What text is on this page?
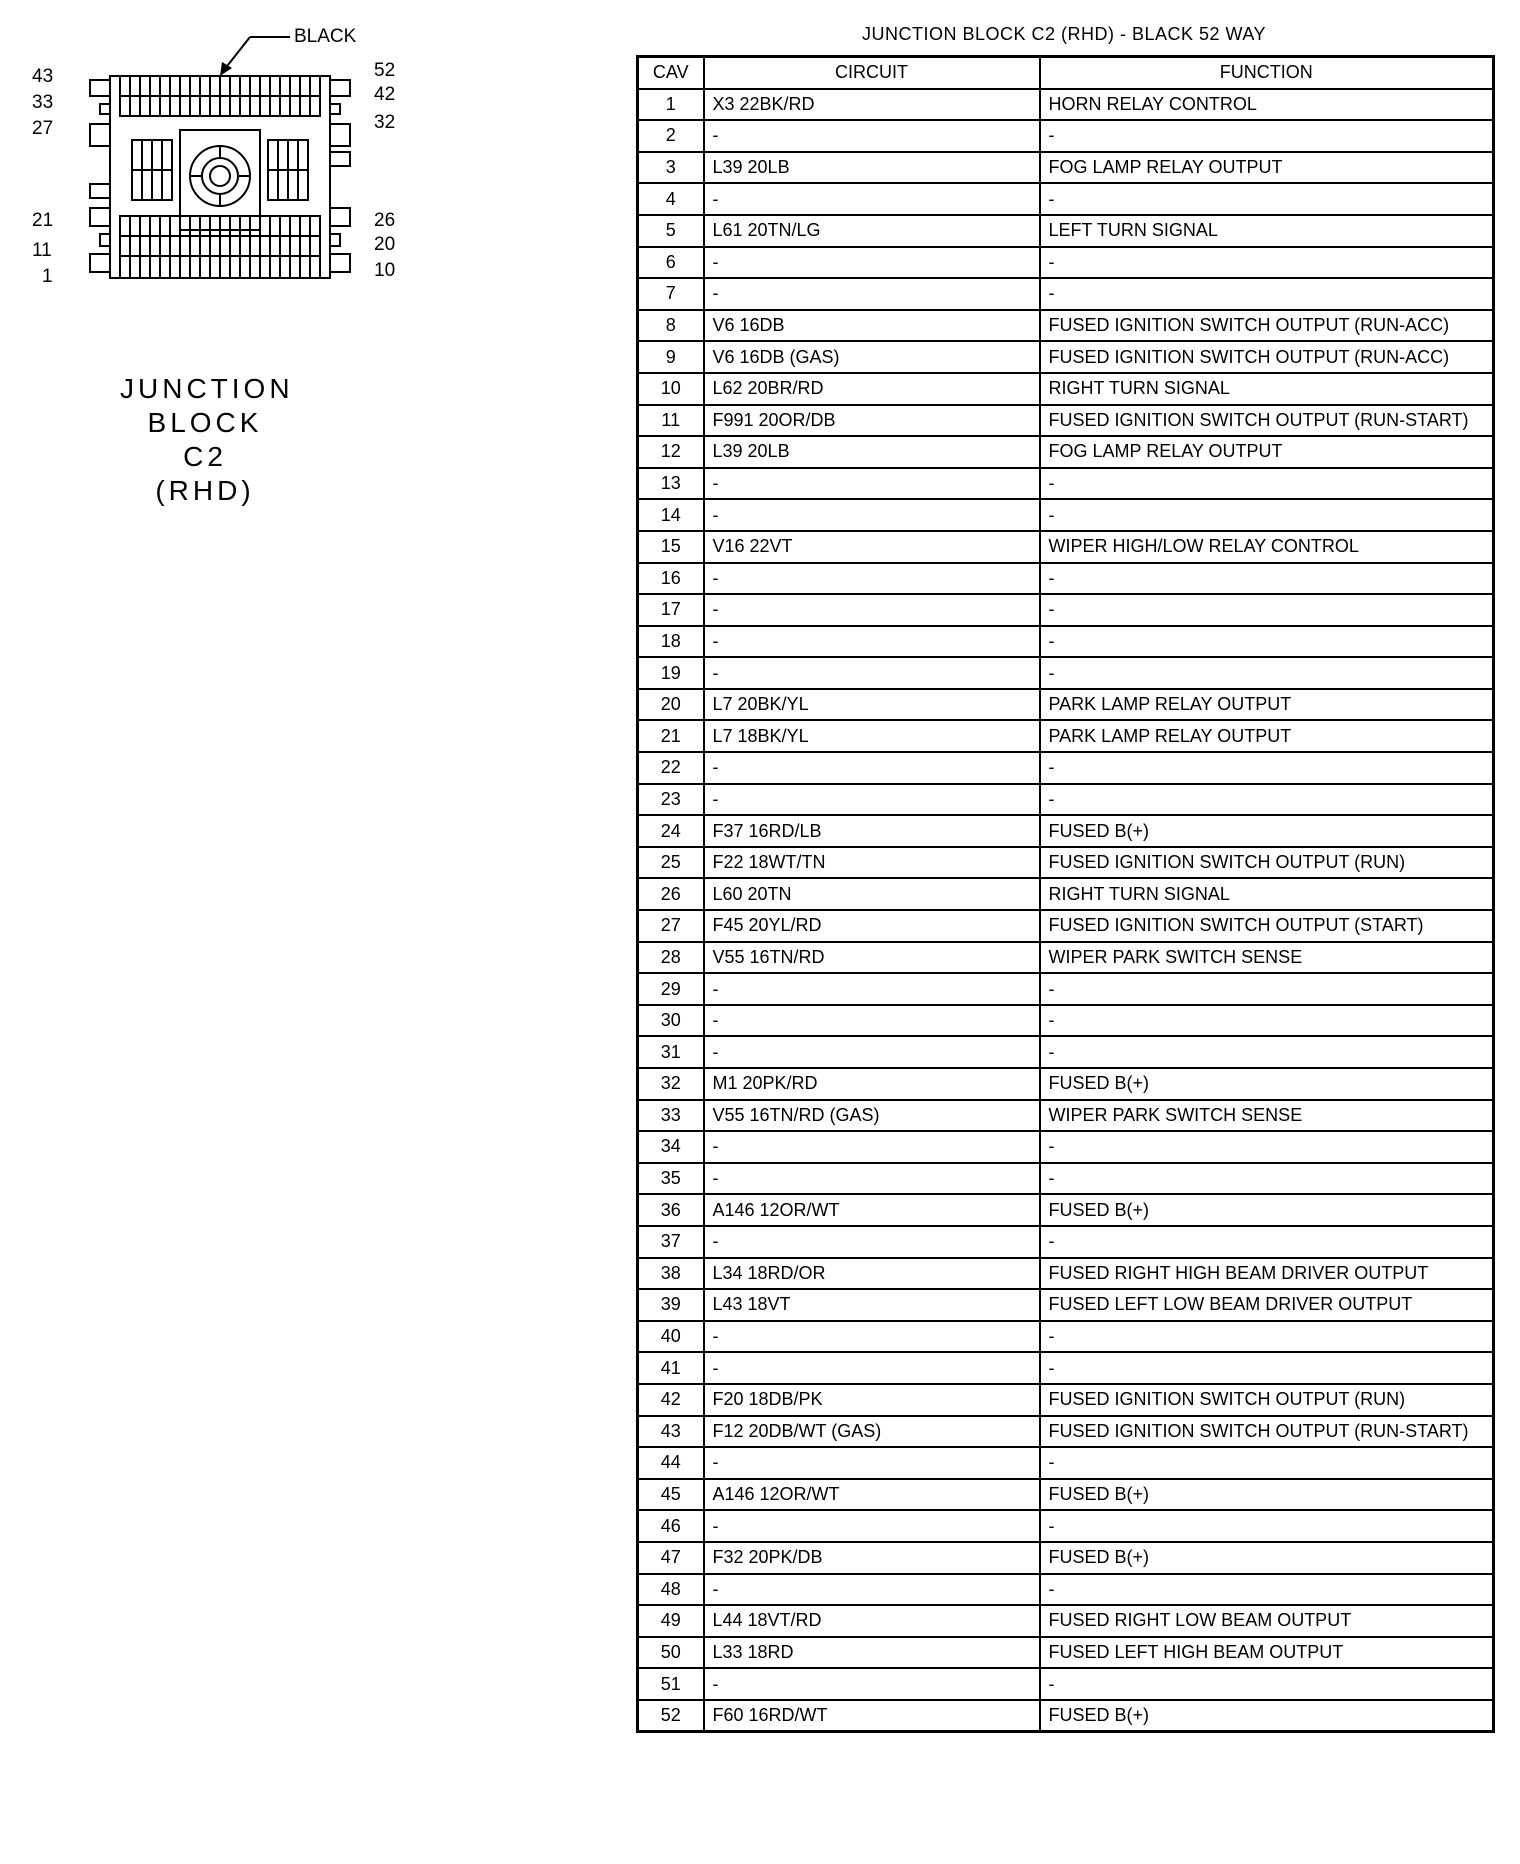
BLACK
43
33
27
21
11
1
52
42
32
26
20
10
JUNCTION
BLOCK C2
(RHD)
JUNCTION BLOCK C2 (RHD) - BLACK 52 WAY
CAV	CIRCUIT	FUNCTION
1	X3 22BK/RD	HORN RELAY CONTROL
2	-	-
3	L39 20LB	FOG LAMP RELAY OUTPUT
4	-	-
5	L61 20TN/LG	LEFT TURN SIGNAL
6	-	-
7	-	-
8	V6 16DB	FUSED IGNITION SWITCH OUTPUT (RUN-ACC)
9	V6 16DB (GAS)	FUSED IGNITION SWITCH OUTPUT (RUN-ACC)
10	L62 20BR/RD	RIGHT TURN SIGNAL
11	F991 20OR/DB	FUSED IGNITION SWITCH OUTPUT (RUN-START)
12	L39 20LB	FOG LAMP RELAY OUTPUT
13	-	-
14	-	-
15	V16 22VT	WIPER HIGH/LOW RELAY CONTROL
16	-	-
17	-	-
18	-	-
19	-	-
20	L7 20BK/YL	PARK LAMP RELAY OUTPUT
21	L7 18BK/YL	PARK LAMP RELAY OUTPUT
22	-	-
23	-	-
24	F37 16RD/LB	FUSED B(+)
25	F22 18WT/TN	FUSED IGNITION SWITCH OUTPUT (RUN)
26	L60 20TN	RIGHT TURN SIGNAL
27	F45 20YL/RD	FUSED IGNITION SWITCH OUTPUT (START)
28	V55 16TN/RD	WIPER PARK SWITCH SENSE
29	-	-
30	-	-
31	-	-
32	M1 20PK/RD	FUSED B(+)
33	V55 16TN/RD (GAS)	WIPER PARK SWITCH SENSE
34	-	-
35	-	-
36	A146 12OR/WT	FUSED B(+)
37	-	-
38	L34 18RD/OR	FUSED RIGHT HIGH BEAM DRIVER OUTPUT
39	L43 18VT	FUSED LEFT LOW BEAM DRIVER OUTPUT
40	-	-
41	-	-
42	F20 18DB/PK	FUSED IGNITION SWITCH OUTPUT (RUN)
43	F12 20DB/WT (GAS)	FUSED IGNITION SWITCH OUTPUT (RUN-START)
44	-	-
45	A146 12OR/WT	FUSED B(+)
46	-	-
47	F32 20PK/DB	FUSED B(+)
48	-	-
49	L44 18VT/RD	FUSED RIGHT LOW BEAM OUTPUT
50	L33 18RD	FUSED LEFT HIGH BEAM OUTPUT
51	-	-
52	F60 16RD/WT	FUSED B(+)
